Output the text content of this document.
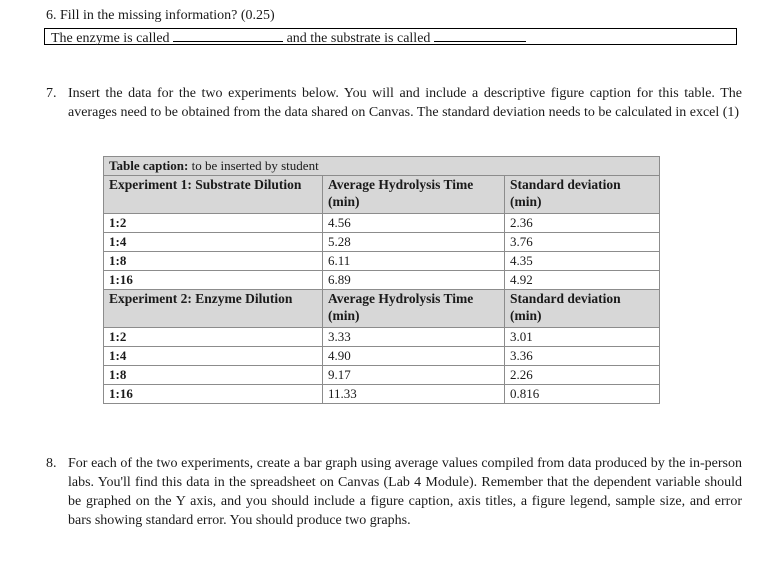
6. Fill in the missing information? (0.25)
The enzyme is called	and the substrate is called
7. Insert the data for the two experiments below. You will and include a descriptive figure caption for this table. The averages need to be obtained from the data shared on Canvas. The standard deviation needs to be calculated in excel (1)
Table caption: to be inserted by student		
Experiment 1: Substrate Dilution	Average Hydrolysis Time (min)	Standard deviation (min)
1:2	4.56	2.36
1:4	5.28	3.76
1:8	6.11	4.35
1:16	6.89	4.92
Experiment 2: Enzyme Dilution	Average Hydrolysis Time (min)	Standard deviation (min)
1:2	3.33	3.01
1:4	4.90	3.36
1:8	9.17	2.26
1:16	11.33	0.816
8. For each of the two experiments, create a bar graph using average values compiled from data produced by the in-person labs. You'll find this data in the spreadsheet on Canvas (Lab 4 Module). Remember that the dependent variable should be graphed on the Y axis, and you should include a figure caption, axis titles, a figure legend, sample size, and error bars showing standard error. You should produce two graphs.
